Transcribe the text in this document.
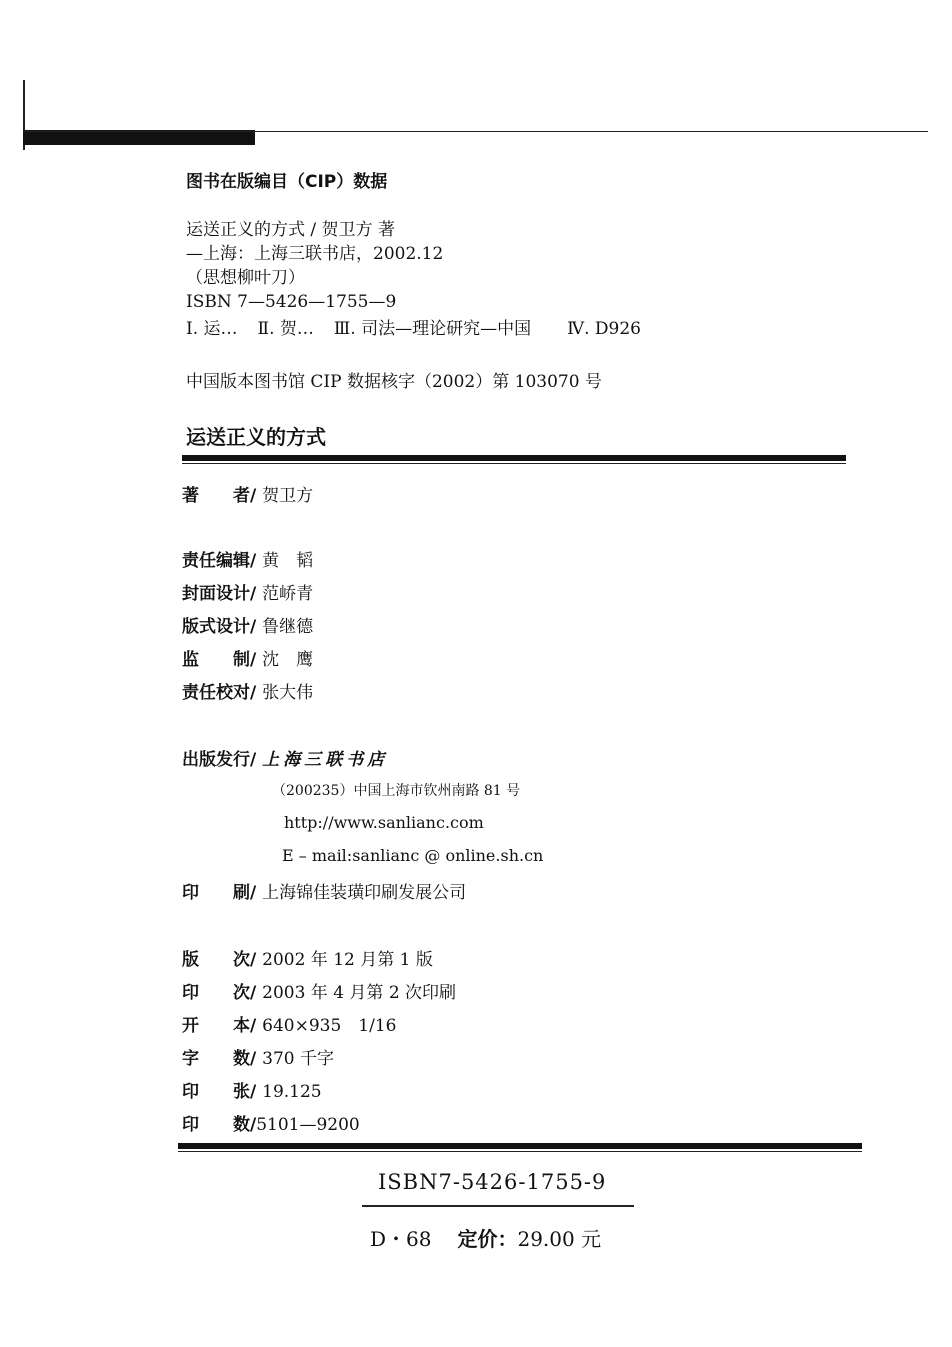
图书在版编目（CIP）数据
运送正义的方式 / 贺卫方 著
—上海：上海三联书店，2002.12
（思想柳叶刀）
ISBN 7—5426—1755—9
Ⅰ. 运… Ⅱ. 贺… Ⅲ. 司法—理论研究—中国 Ⅳ. D926
中国版本图书馆 CIP 数据核字（2002）第 103070 号
运送正义的方式
著　　者/ 贺卫方
责任编辑/ 黄　韬
封面设计/ 范峤青
版式设计/ 鲁继德
监　　制/ 沈　鹰
责任校对/ 张大伟
出版发行/ 上海三联书店
（200235）中国上海市钦州南路 81 号
http://www.sanlianc.com
E – mail:sanlianc @ online.sh.cn
印　　刷/ 上海锦佳装璜印刷发展公司
版　　次/ 2002 年 12 月第 1 版
印　　次/ 2003 年 4 月第 2 次印刷
开　　本/ 640×935　1/16
字　　数/ 370 千字
印　　张/ 19.125
印　　数/5101—9200
ISBN7-5426-1755-9
D・68 定价：29.00 元
